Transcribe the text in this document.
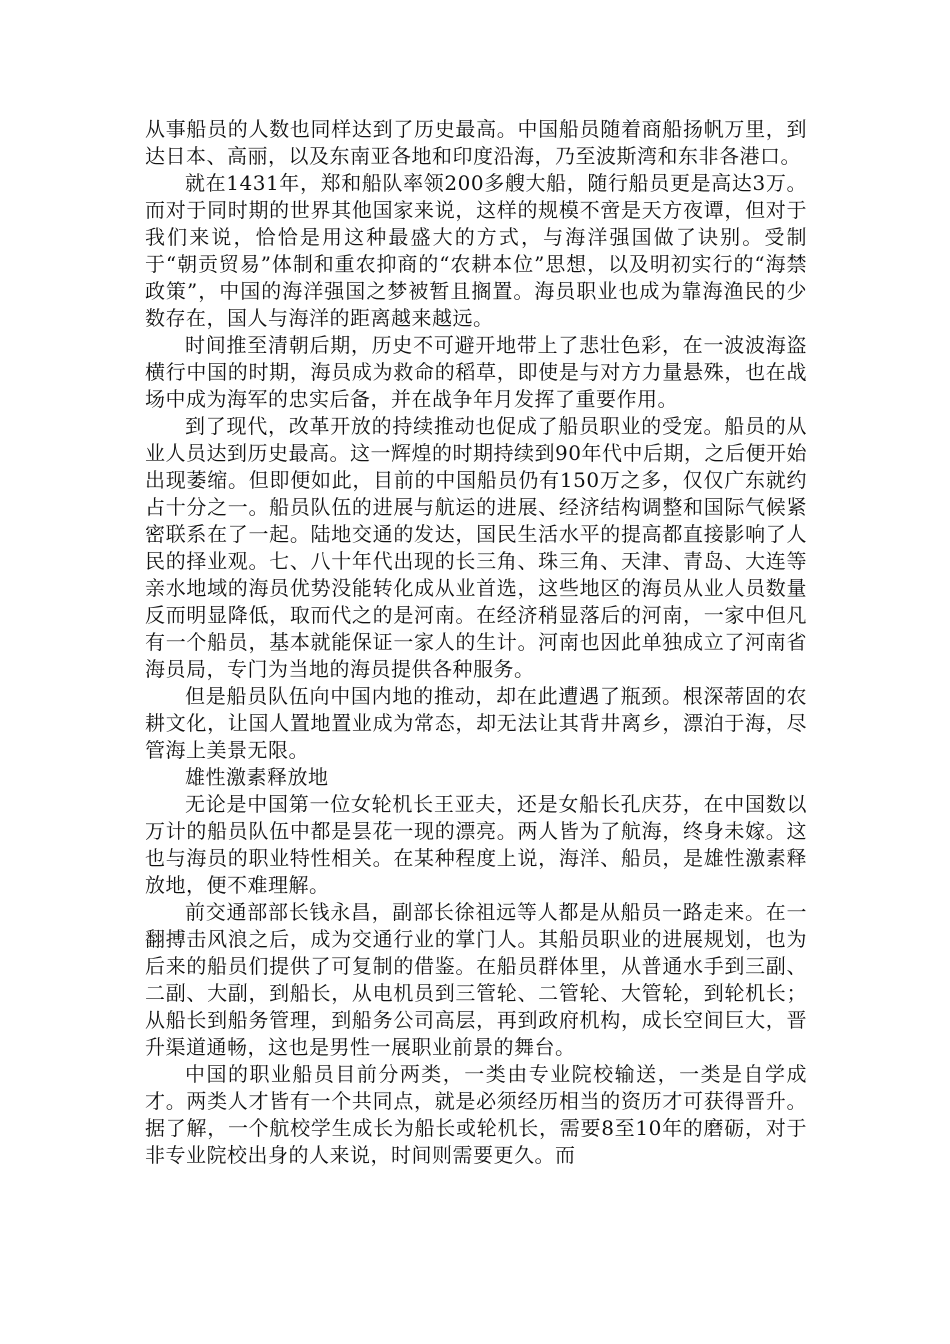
从事船员的人数也同样达到了历史最高。中国船员随着商船扬帆万里，到达日本、高丽，以及东南亚各地和印度沿海，乃至波斯湾和东非各港口。

就在1431年，郑和船队率领200多艘大船，随行船员更是高达3万。而对于同时期的世界其他国家来说，这样的规模不啻是天方夜谭，但对于我们来说，恰恰是用这种最盛大的方式，与海洋强国做了诀别。受制于“朝贡贸易”体制和重农抑商的“农耕本位”思想，以及明初实行的“海禁政策”，中国的海洋强国之梦被暂且搁置。海员职业也成为靠海渔民的少数存在，国人与海洋的距离越来越远。

时间推至清朝后期，历史不可避开地带上了悲壮色彩，在一波波海盗横行中国的时期，海员成为救命的稻草，即使是与对方力量悬殊，也在战场中成为海军的忠实后备，并在战争年月发挥了重要作用。

到了现代，改革开放的持续推动也促成了船员职业的受宠。船员的从业人员达到历史最高。这一辉煌的时期持续到90年代中后期，之后便开始出现萎缩。但即便如此，目前的中国船员仍有150万之多，仅仅广东就约占十分之一。船员队伍的进展与航运的进展、经济结构调整和国际气候紧密联系在了一起。陆地交通的发达，国民生活水平的提高都直接影响了人民的择业观。七、八十年代出现的长三角、珠三角、天津、青岛、大连等亲水地域的海员优势没能转化成从业首选，这些地区的海员从业人员数量反而明显降低，取而代之的是河南。在经济稍显落后的河南，一家中但凡有一个船员，基本就能保证一家人的生计。河南也因此单独成立了河南省海员局，专门为当地的海员提供各种服务。

但是船员队伍向中国内地的推动，却在此遭遇了瓶颈。根深蒂固的农耕文化，让国人置地置业成为常态，却无法让其背井离乡，漂泊于海，尽管海上美景无限。

雄性激素释放地

无论是中国第一位女轮机长王亚夫，还是女船长孔庆芬，在中国数以万计的船员队伍中都是昙花一现的漂亮。两人皆为了航海，终身未嫁。这也与海员的职业特性相关。在某种程度上说，海洋、船员，是雄性激素释放地，便不难理解。

前交通部部长钱永昌，副部长徐祖远等人都是从船员一路走来。在一翻搏击风浪之后，成为交通行业的掌门人。其船员职业的进展规划，也为后来的船员们提供了可复制的借鉴。在船员群体里，从普通水手到三副、二副、大副，到船长，从电机员到三管轮、二管轮、大管轮，到轮机长；从船长到船务管理，到船务公司高层，再到政府机构，成长空间巨大，晋升渠道通畅，这也是男性一展职业前景的舞台。

中国的职业船员目前分两类，一类由专业院校输送，一类是自学成才。两类人才皆有一个共同点，就是必须经历相当的资历才可获得晋升。据了解，一个航校学生成长为船长或轮机长，需要8至10年的磨砺，对于非专业院校出身的人来说，时间则需要更久。而
